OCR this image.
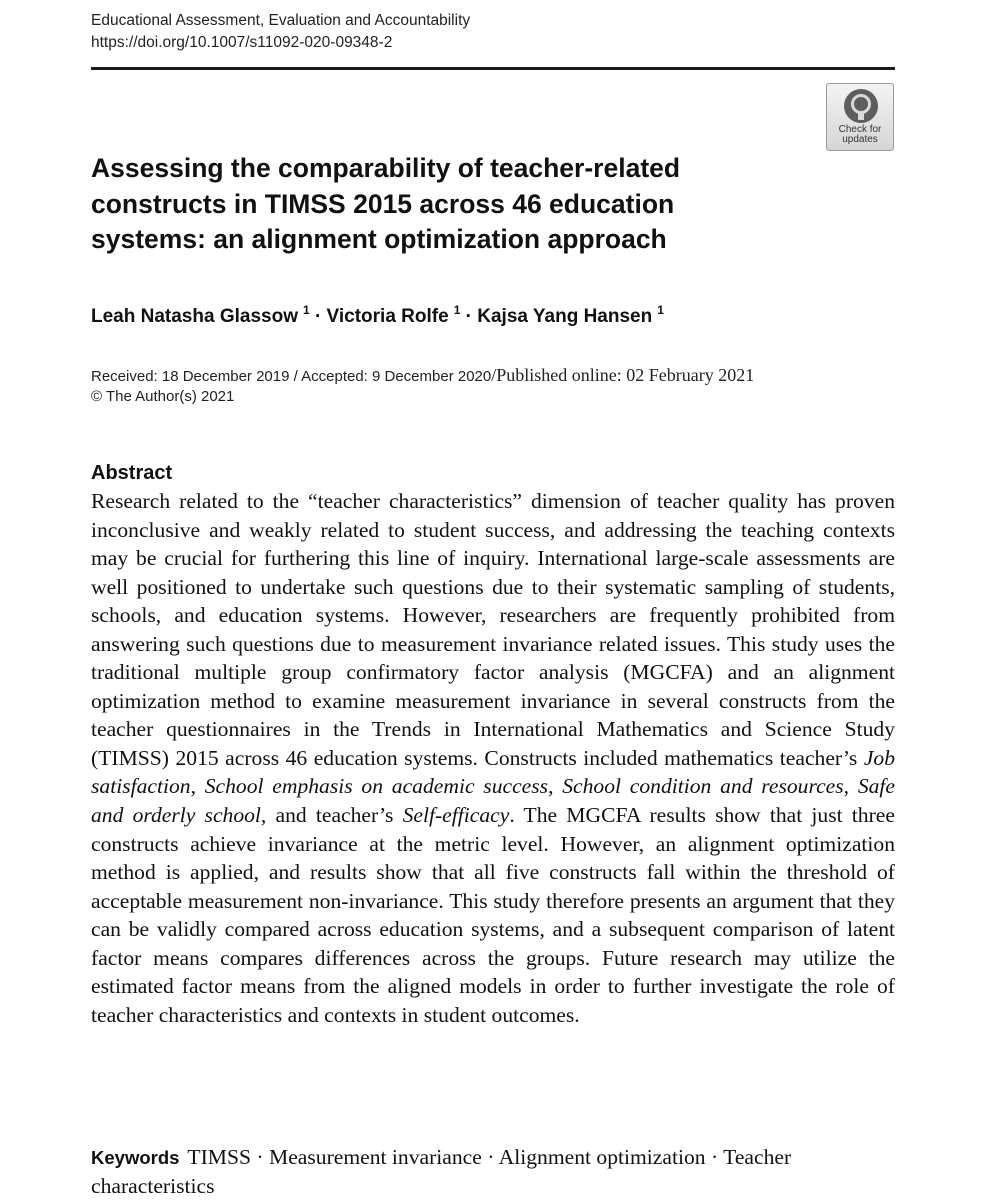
Educational Assessment, Evaluation and Accountability
https://doi.org/10.1007/s11092-020-09348-2
Check for
updates
Assessing the comparability of teacher-related
constructs in TIMSS 2015 across 46 education
systems: an alignment optimization approach
Leah Natasha Glassow $^1$ · Victoria Rolfe $^1$ · Kajsa Yang Hansen $^1$
Received: 18 December 2019 / Accepted: 9 December 2020/Published online: 02 February 2021
© The Author(s) 2021
Abstract

Research related to the “teacher characteristics” dimension of teacher quality has proven inconclusive and weakly related to student success, and addressing the teaching contexts may be crucial for furthering this line of inquiry. International large-scale assessments are well positioned to undertake such questions due to their systematic sampling of students, schools, and education systems. However, researchers are frequently prohibited from answering such questions due to measurement invariance related issues. This study uses the traditional multiple group confirmatory factor analysis (MGCFA) and an alignment optimization method to examine measurement invariance in several constructs from the teacher questionnaires in the Trends in International Mathematics and Science Study (TIMSS) 2015 across 46 education systems. Constructs included mathematics teacher’s Job satisfaction, School emphasis on academic success, School condition and resources, Safe and orderly school, and teacher’s Self-efficacy. The MGCFA results show that just three constructs achieve invariance at the metric level. However, an alignment optimization method is applied, and results show that all five constructs fall within the threshold of acceptable measurement non-invariance. This study therefore presents an argument that they can be validly compared across education systems, and a subsequent comparison of latent factor means compares differences across the groups. Future research may utilize the estimated factor means from the aligned models in order to further investigate the role of teacher characteristics and contexts in student outcomes.

Keywords TIMSS · Measurement invariance · Alignment optimization · Teacher characteristics
